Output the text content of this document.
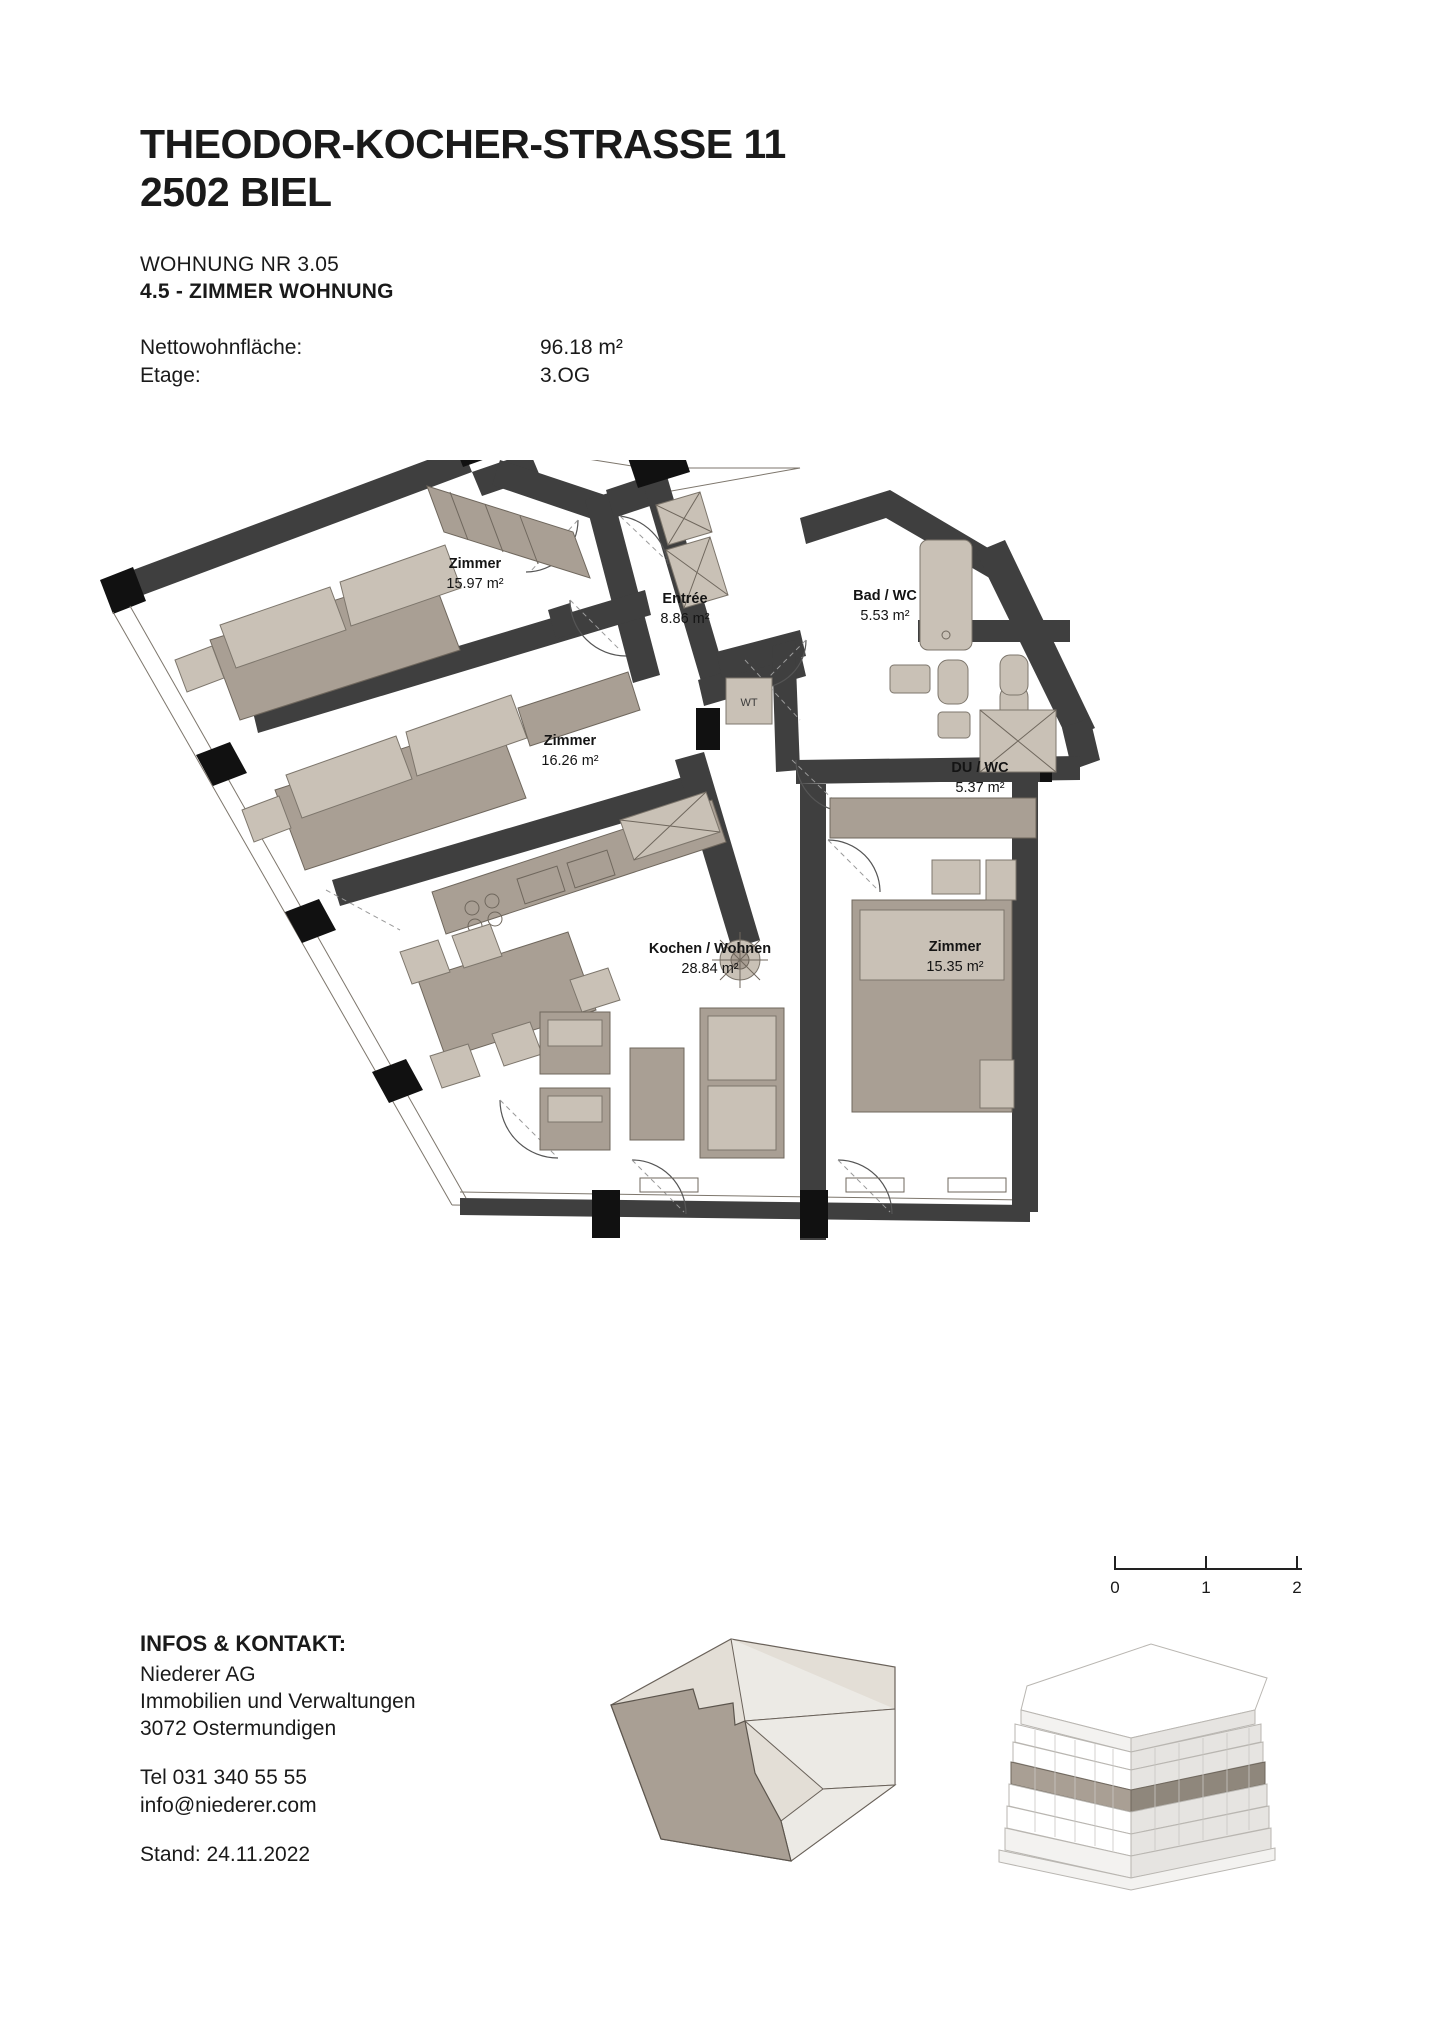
THEODOR-KOCHER-STRASSE 11
2502 BIEL

WOHNUNG NR 3.05

4.5 - ZIMMER WOHNUNG

Nettowohnfläche:	96.18 m²
Etage:	3.OG
WT
Zimmer
15.97 m²
Entrée
8.86 m²
Bad / WC
5.53 m²
Zimmer
16.26 m²	DU / WC
5.37 m²
Kochen / Wohnen
28.84 m²
Zimmer
15.35 m²
0	1	2
INFOS & KONTAKT:
Niederer AG
Immobilien und Verwaltungen
3072 Ostermundigen
Tel 031 340 55 55
info@niederer.com
Stand: 24.11.2022
